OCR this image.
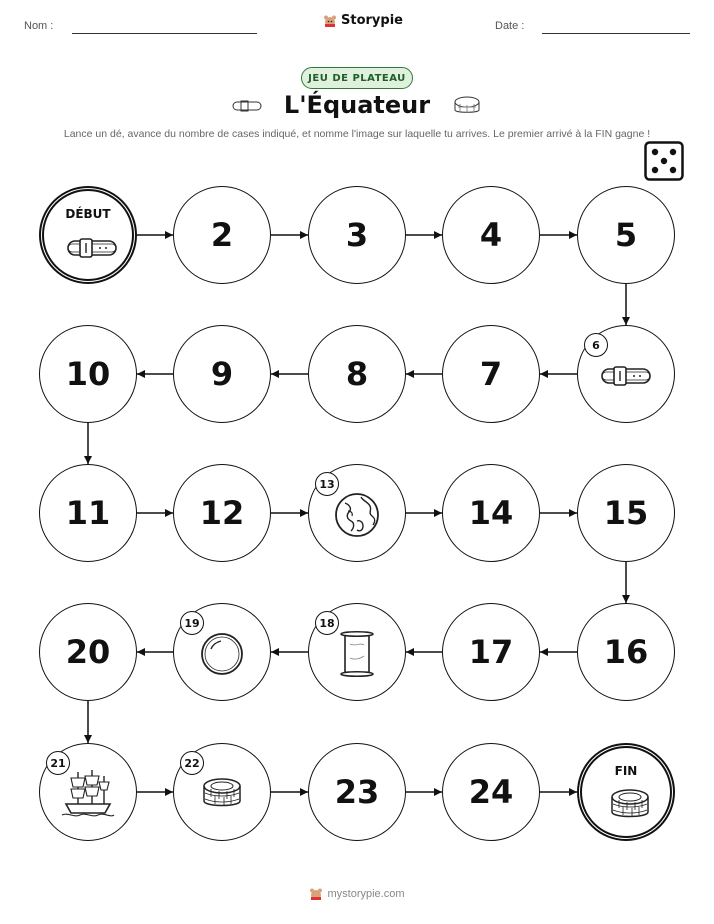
Nom :	Storypie	Date :
JEU DE PLATEAU
L'Équateur
Lance un dé, avance du nombre de cases indiqué, et nomme l'image sur laquelle tu arrives. Le premier arrivé à la FIN gagne !
DÉBUT
2	3	4	5
6
7
8
9
10
11	12
13
14	15
16
17
18
19
20
21	22
23	24
FIN
mystorypie.com
